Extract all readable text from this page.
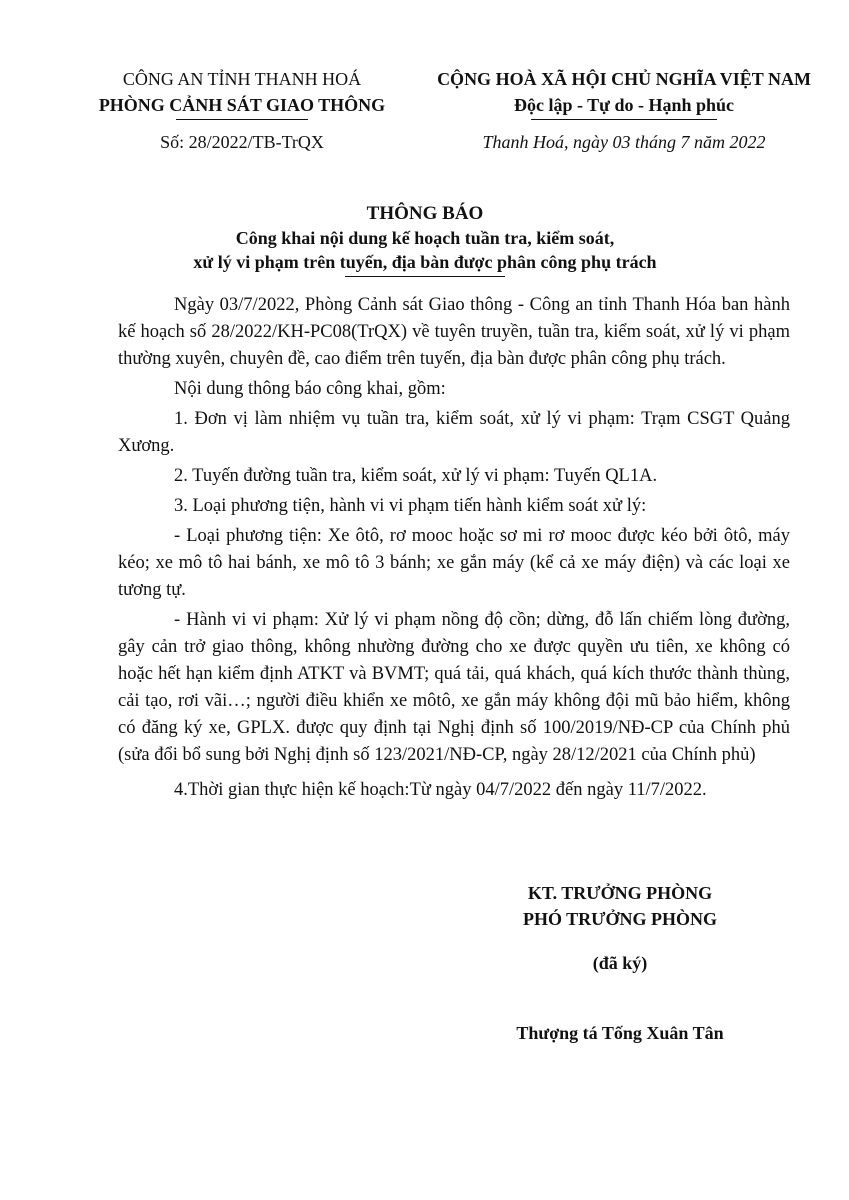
CÔNG AN TỈNH THANH HOÁ
PHÒNG CẢNH SÁT GIAO THÔNG
CỘNG HOÀ XÃ HỘI CHỦ NGHĨA VIỆT NAM
Độc lập - Tự do - Hạnh phúc
Số: 28/2022/TB-TrQX	Thanh Hoá, ngày 03 tháng 7 năm 2022
THÔNG BÁO
Công khai nội dung kế hoạch tuần tra, kiểm soát,
xử lý vi phạm trên tuyến, địa bàn được phân công phụ trách

Ngày 03/7/2022, Phòng Cảnh sát Giao thông - Công an tỉnh Thanh Hóa ban hành kế hoạch số 28/2022/KH-PC08(TrQX) về tuyên truyền, tuần tra, kiểm soát, xử lý vi phạm thường xuyên, chuyên đề, cao điểm trên tuyến, địa bàn được phân công phụ trách.

Nội dung thông báo công khai, gồm:

1. Đơn vị làm nhiệm vụ tuần tra, kiểm soát, xử lý vi phạm: Trạm CSGT Quảng Xương.

2. Tuyến đường tuần tra, kiểm soát, xử lý vi phạm: Tuyến QL1A.

3. Loại phương tiện, hành vi vi phạm tiến hành kiểm soát xử lý:

- Loại phương tiện: Xe ôtô, rơ mooc hoặc sơ mi rơ mooc được kéo bởi ôtô, máy kéo; xe mô tô hai bánh, xe mô tô 3 bánh; xe gắn máy (kể cả xe máy điện) và các loại xe tương tự.

- Hành vi vi phạm: Xử lý vi phạm nồng độ cồn; dừng, đỗ lấn chiếm lòng đường, gây cản trở giao thông, không nhường đường cho xe được quyền ưu tiên, xe không có hoặc hết hạn kiểm định ATKT và BVMT; quá tải, quá khách, quá kích thước thành thùng, cải tạo, rơi vãi…; người điều khiển xe môtô, xe gắn máy không đội mũ bảo hiểm, không có đăng ký xe, GPLX. được quy định tại Nghị định số 100/2019/NĐ-CP của Chính phủ (sửa đổi bổ sung bởi Nghị định số 123/2021/NĐ-CP, ngày 28/12/2021 của Chính phủ)

4.Thời gian thực hiện kế hoạch:Từ ngày 04/7/2022 đến ngày 11/7/2022.

KT. TRƯỞNG PHÒNG
PHÓ TRƯỞNG PHÒNG
(đã ký)
Thượng tá Tống Xuân Tân
